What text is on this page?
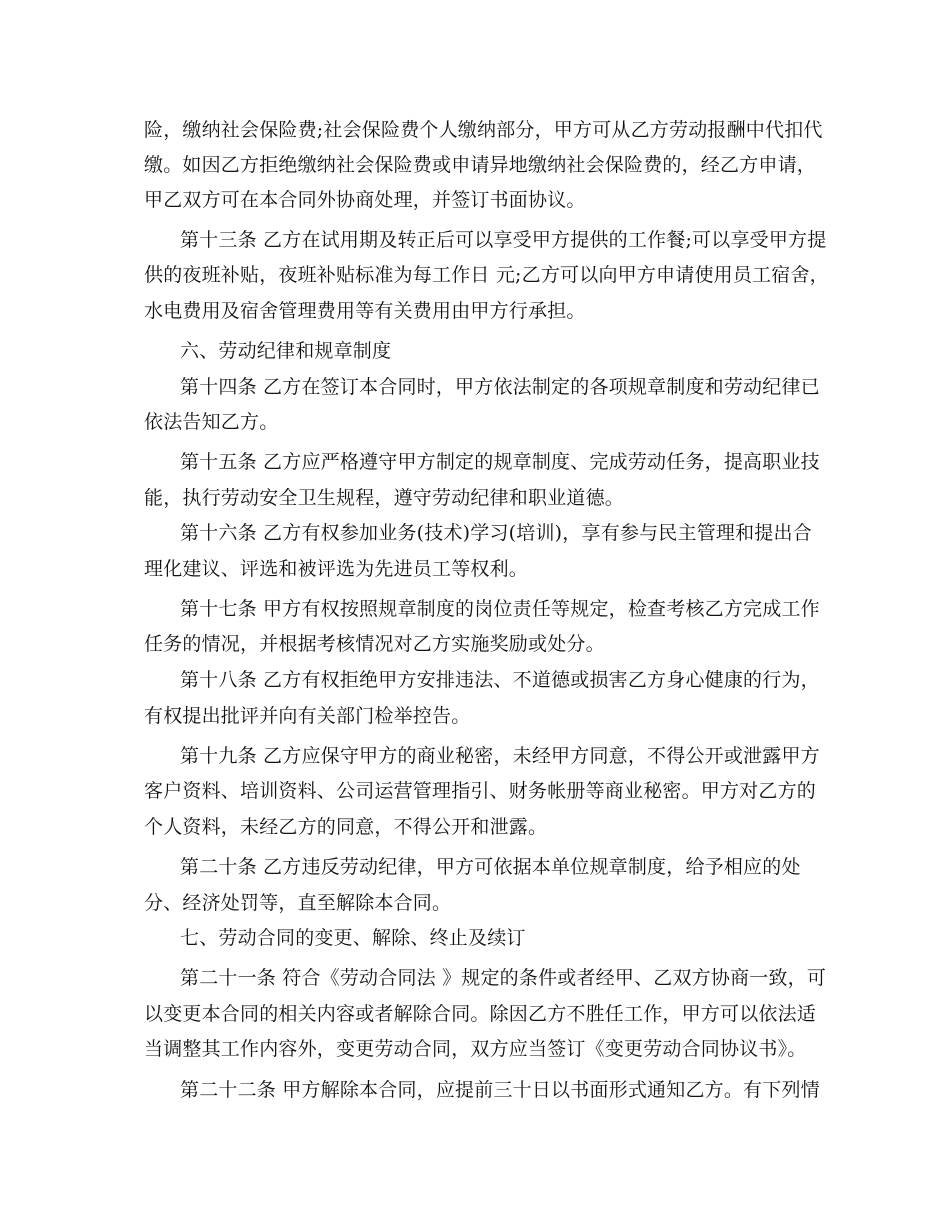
险，缴纳社会保险费;社会保险费个人缴纳部分，甲方可从乙方劳动报酬中代扣代
缴。如因乙方拒绝缴纳社会保险费或申请异地缴纳社会保险费的，经乙方申请，
甲乙双方可在本合同外协商处理，并签订书面协议。
第十三条 乙方在试用期及转正后可以享受甲方提供的工作餐;可以享受甲方提
供的夜班补贴，夜班补贴标准为每工作日 元;乙方可以向甲方申请使用员工宿舍，
水电费用及宿舍管理费用等有关费用由甲方行承担。
六、劳动纪律和规章制度
第十四条 乙方在签订本合同时，甲方依法制定的各项规章制度和劳动纪律已
依法告知乙方。
第十五条 乙方应严格遵守甲方制定的规章制度、完成劳动任务，提高职业技
能，执行劳动安全卫生规程，遵守劳动纪律和职业道德。
第十六条 乙方有权参加业务(技术)学习(培训)，享有参与民主管理和提出合
理化建议、评选和被评选为先进员工等权利。
第十七条 甲方有权按照规章制度的岗位责任等规定，检查考核乙方完成工作
任务的情况，并根据考核情况对乙方实施奖励或处分。
第十八条 乙方有权拒绝甲方安排违法、不道德或损害乙方身心健康的行为，
有权提出批评并向有关部门检举控告。
第十九条 乙方应保守甲方的商业秘密，未经甲方同意，不得公开或泄露甲方
客户资料、培训资料、公司运营管理指引、财务帐册等商业秘密。甲方对乙方的
个人资料，未经乙方的同意，不得公开和泄露。
第二十条 乙方违反劳动纪律，甲方可依据本单位规章制度，给予相应的处
分、经济处罚等，直至解除本合同。
七、劳动合同的变更、解除、终止及续订
第二十一条 符合《劳动合同法 》规定的条件或者经甲、乙双方协商一致，可
以变更本合同的相关内容或者解除合同。除因乙方不胜任工作，甲方可以依法适
当调整其工作内容外，变更劳动合同，双方应当签订《变更劳动合同协议书》。
第二十二条 甲方解除本合同，应提前三十日以书面形式通知乙方。有下列情
